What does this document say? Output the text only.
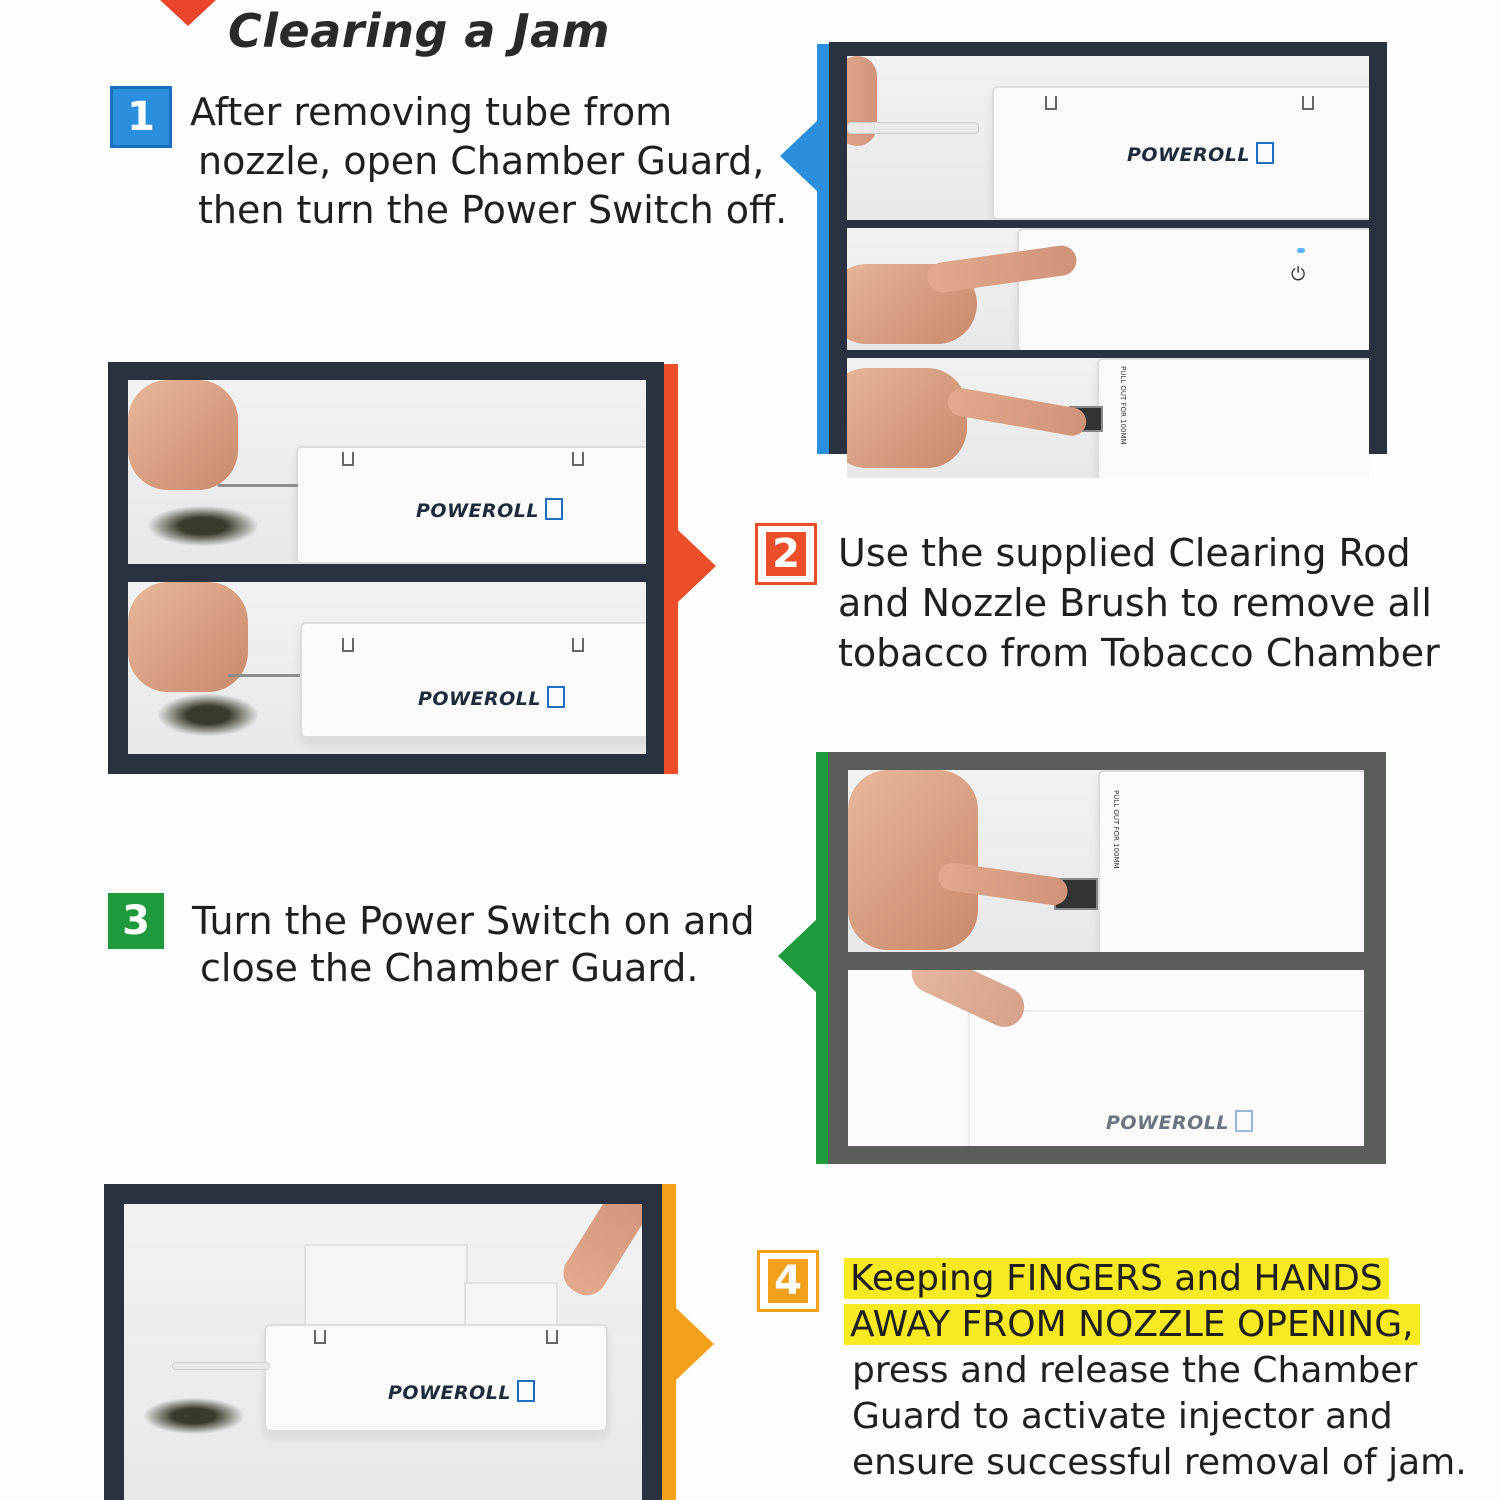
Clearing a Jam
1 After removing tube from
nozzle, open Chamber Guard,
then turn the Power Switch off.
POWEROLL
⏻
PULL OUT FOR 100MM
POWEROLL
POWEROLL
2 Use the supplied Clearing Rod
and Nozzle Brush to remove all
tobacco from Tobacco Chamber
3 Turn the Power Switch on and
close the Chamber Guard.
PULL OUT FOR 100MM
POWEROLL
POWEROLL
4 Keeping FINGERS and HANDS
AWAY FROM NOZZLE OPENING,
press and release the Chamber
Guard to activate injector and
ensure successful removal of jam.
